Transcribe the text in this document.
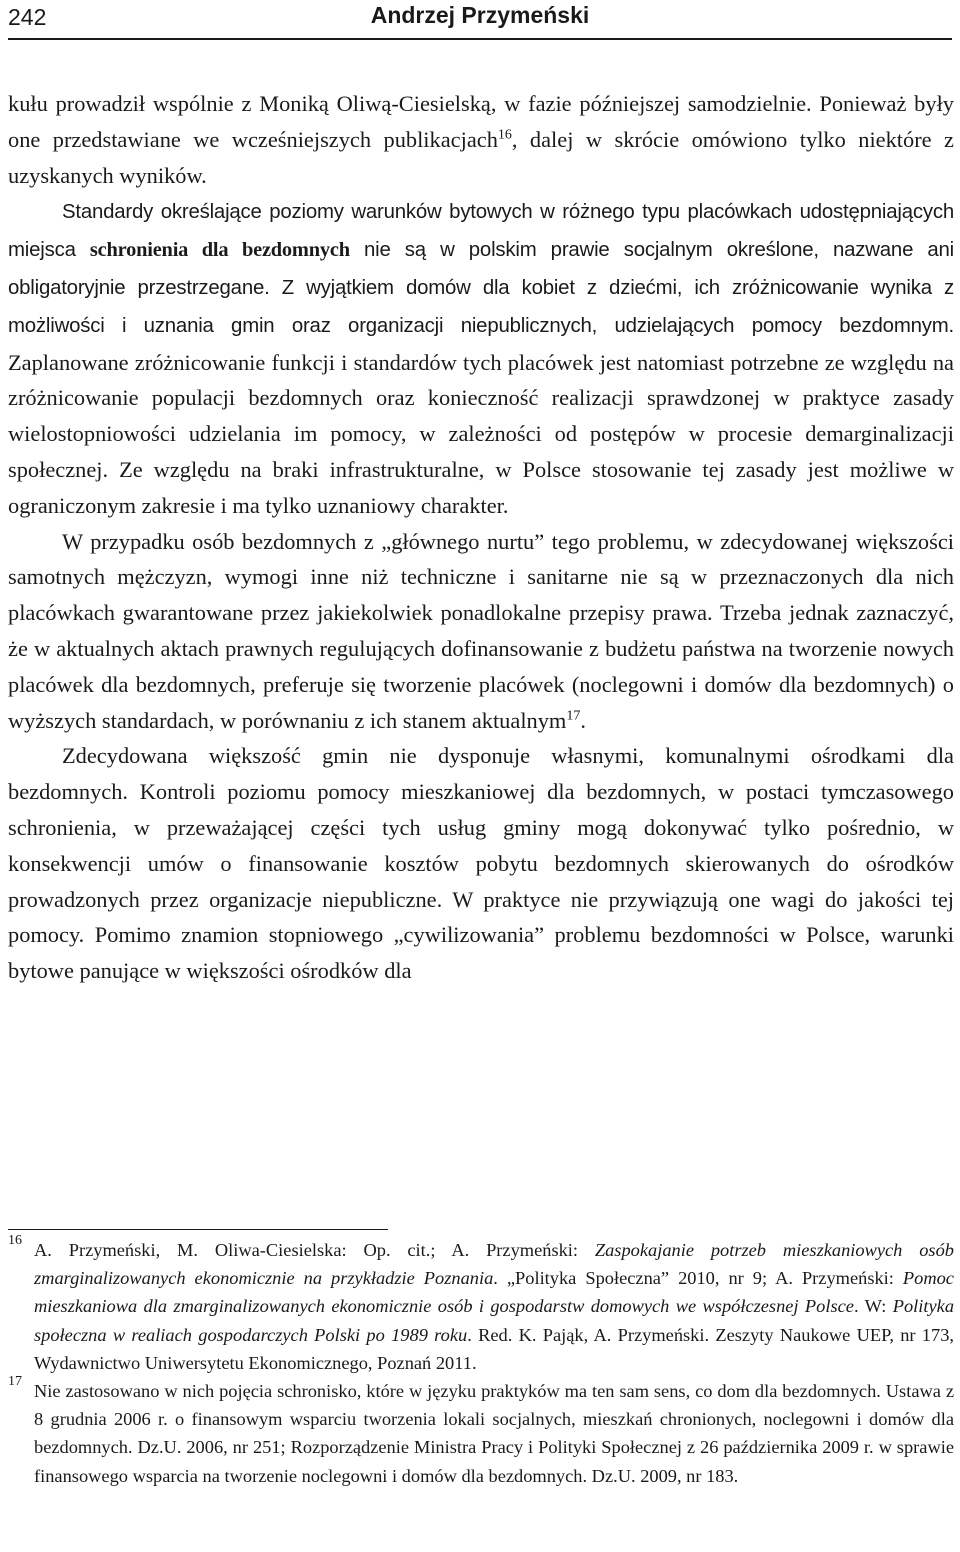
242	Andrzej Przymeński

kułu prowadził wspólnie z Moniką Oliwą-Ciesielską, w fazie późniejszej samodzielnie. Ponieważ były one przedstawiane we wcześniejszych publikacjach$^{16}$, dalej w skrócie omówiono tylko niektóre z uzyskanych wyników.

Standardy określające poziomy warunków bytowych w różnego typu placówkach udostępniających miejsca schronienia dla bezdomnych nie są w polskim prawie socjalnym określone, nazwane ani obligatoryjnie przestrzegane. Z wyjątkiem domów dla kobiet z dziećmi, ich zróżnicowanie wynika z możliwości i uznania gmin oraz organizacji niepublicznych, udzielających pomocy bezdomnym. Zaplanowane zróżnicowanie funkcji i standardów tych placówek jest natomiast potrzebne ze względu na zróżnicowanie populacji bezdomnych oraz konieczność realizacji sprawdzonej w praktyce zasady wielostopniowości udzielania im pomocy, w zależności od postępów w procesie demarginalizacji społecznej. Ze względu na braki infrastrukturalne, w Polsce stosowanie tej zasady jest możliwe w ograniczonym zakresie i ma tylko uznaniowy charakter.

W przypadku osób bezdomnych z „głównego nurtu” tego problemu, w zdecydowanej większości samotnych mężczyzn, wymogi inne niż techniczne i sanitarne nie są w przeznaczonych dla nich placówkach gwarantowane przez jakiekolwiek ponadlokalne przepisy prawa. Trzeba jednak zaznaczyć, że w aktualnych aktach prawnych regulujących dofinansowanie z budżetu państwa na tworzenie nowych placówek dla bezdomnych, preferuje się tworzenie placówek (noclegowni i domów dla bezdomnych) o wyższych standardach, w porównaniu z ich stanem aktualnym$^{17}$.

Zdecydowana większość gmin nie dysponuje własnymi, komunalnymi ośrodkami dla bezdomnych. Kontroli poziomu pomocy mieszkaniowej dla bezdomnych, w postaci tymczasowego schronienia, w przeważającej części tych usług gminy mogą dokonywać tylko pośrednio, w konsekwencji umów o finansowanie kosztów pobytu bezdomnych skierowanych do ośrodków prowadzonych przez organizacje niepubliczne. W praktyce nie przywiązują one wagi do jakości tej pomocy. Pomimo znamion stopniowego „cywilizowania” problemu bezdomności w Polsce, warunki bytowe panujące w większości ośrodków dla

16 A. Przymeński, M. Oliwa-Ciesielska: Op. cit.; A. Przymeński: Zaspokajanie potrzeb mieszkaniowych osób zmarginalizowanych ekonomicznie na przykładzie Poznania. „Polityka Społeczna” 2010, nr 9; A. Przymeński: Pomoc mieszkaniowa dla zmarginalizowanych ekonomicznie osób i gospodarstw domowych we współczesnej Polsce. W: Polityka społeczna w realiach gospodarczych Polski po 1989 roku. Red. K. Pająk, A. Przymeński. Zeszyty Naukowe UEP, nr 173, Wydawnictwo Uniwersytetu Ekonomicznego, Poznań 2011.
17 Nie zastosowano w nich pojęcia schronisko, które w języku praktyków ma ten sam sens, co dom dla bezdomnych. Ustawa z 8 grudnia 2006 r. o finansowym wsparciu tworzenia lokali socjalnych, mieszkań chronionych, noclegowni i domów dla bezdomnych. Dz.U. 2006, nr 251; Rozporządzenie Ministra Pracy i Polityki Społecznej z 26 października 2009 r. w sprawie finansowego wsparcia na tworzenie noclegowni i domów dla bezdomnych. Dz.U. 2009, nr 183.
